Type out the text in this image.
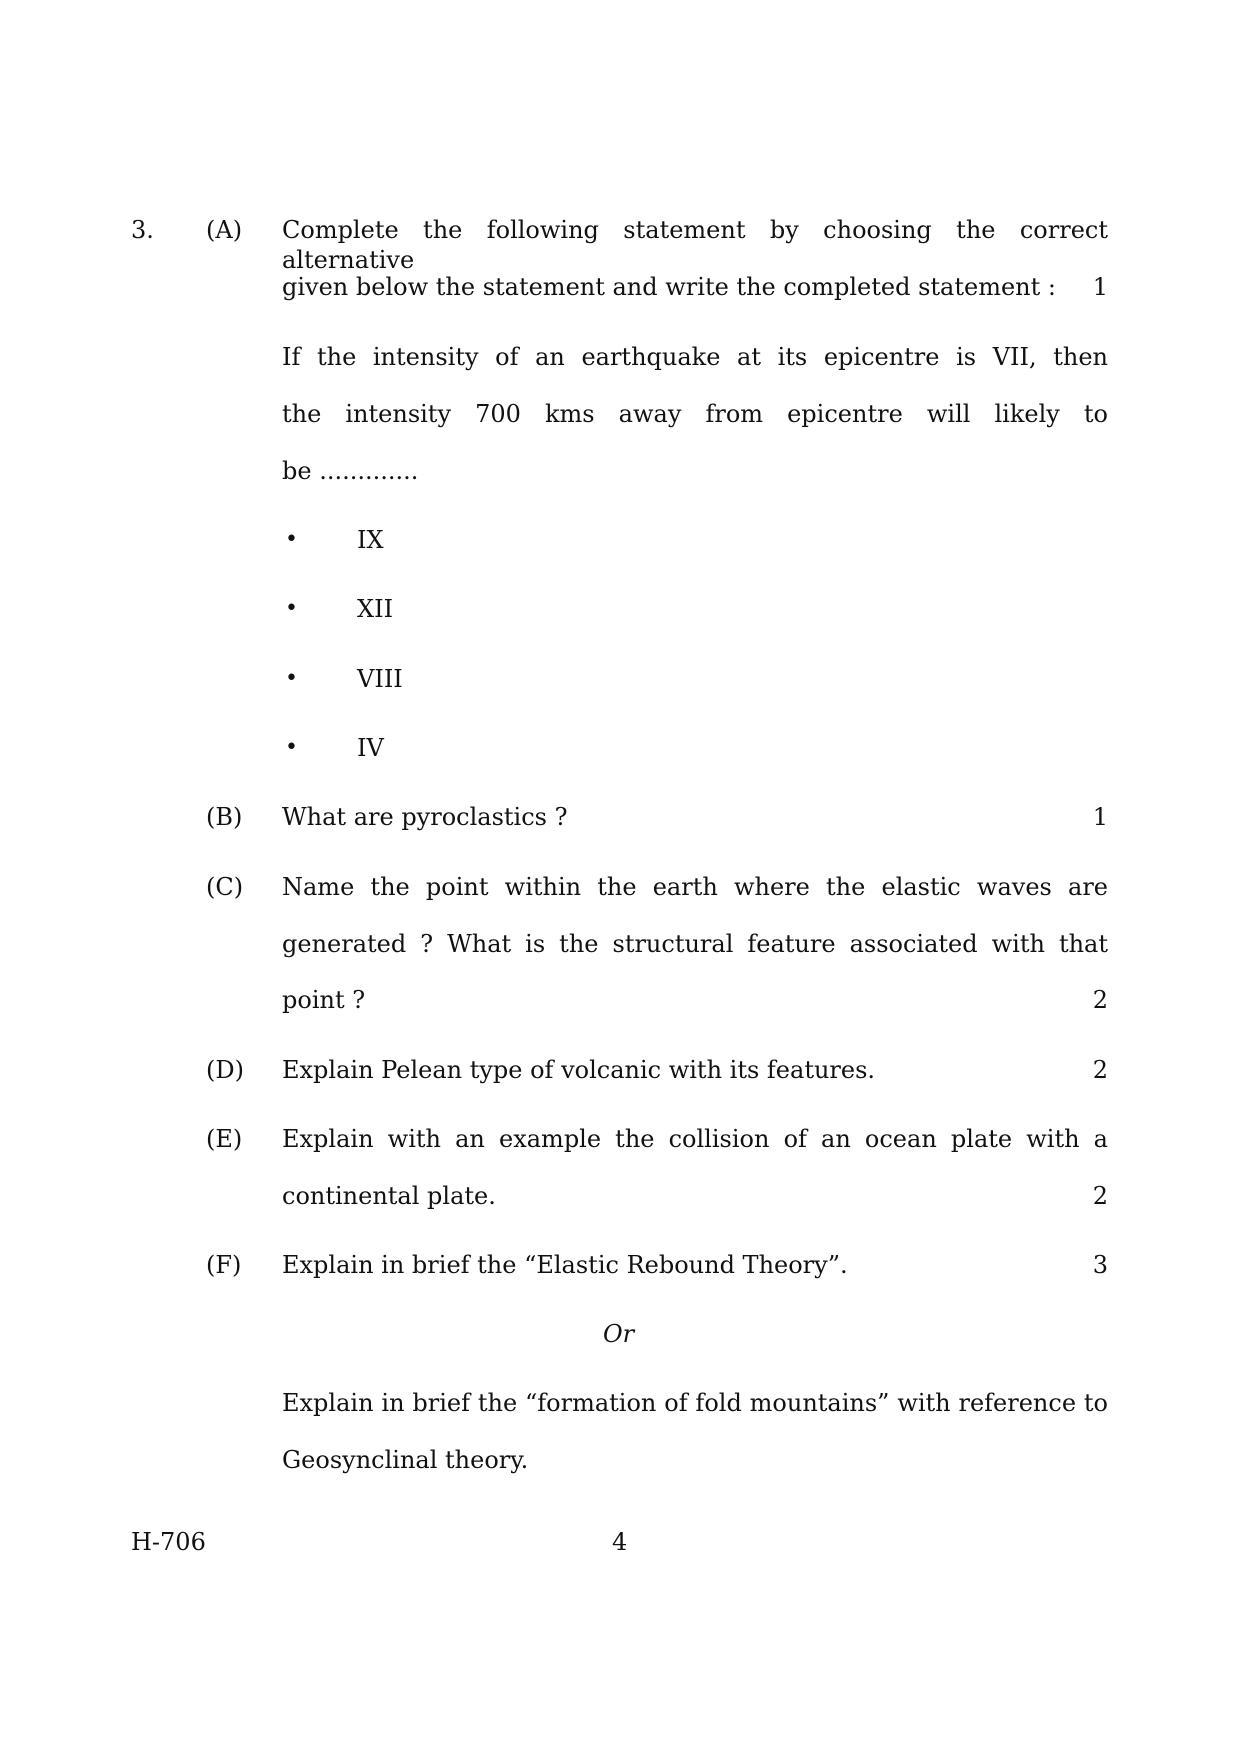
3. (A) Complete the following statement by choosing the correct alternative
given below the statement and write the completed statement :	1
If the intensity of an earthquake at its epicentre is VII, then
the intensity 700 kms away from epicentre will likely to
be .............
• IX
• XII
• VIII
• IV
(B) What are pyroclastics ?	1
(C) Name the point within the earth where the elastic waves are
generated ? What is the structural feature associated with that
point ?	2
(D) Explain Pelean type of volcanic with its features.	2
(E) Explain with an example the collision of an ocean plate with a
continental plate.	2
(F) Explain in brief the “Elastic Rebound Theory”.	3
Or
Explain in brief the “formation of fold mountains” with reference to
Geosynclinal theory.
H-706	4
